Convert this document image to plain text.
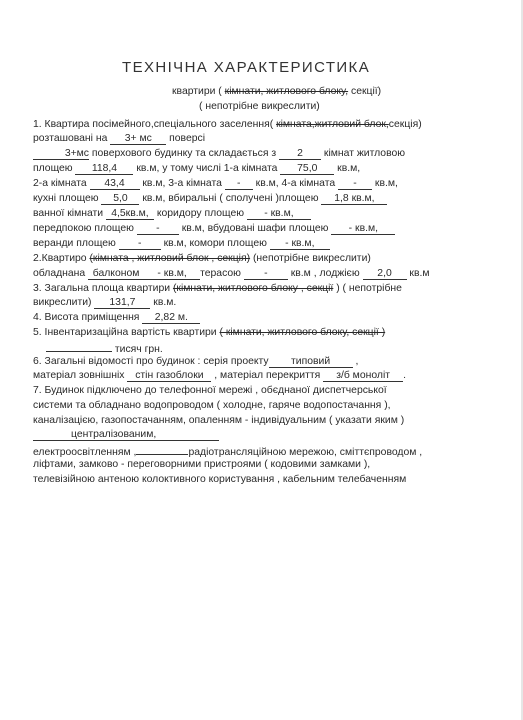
ТЕХНІЧНА ХАРАКТЕРИСТИКА
квартири ( кімнати, житлового блоку, секції)
( непотрібне викреслити)
1. Квартира посімейного,спеціального заселення( кімната,житловий блок,секція)
розташовані на 3+ мс поверсі
3+мс поверхового будинку та складається з 2 кімнат житловою
площею 118,4 кв.м, у тому числі 1-а кімната 75,0 кв.м,
2-а кімната 43,4 кв.м, 3-а кімната - кв.м, 4-а кімната - кв.м,
кухні площею 5,0 кв.м, вбиральні ( сполучені )площею 1,8 кв.м,
ванної кімнати 4,5кв.м, коридору площею - кв.м,
передпокою площею - кв.м, вбудовані шафи площею - кв.м,
веранди площею - кв.м, комори площею - кв.м,
2.Квартиро (кімната , житловий блок , секція) (непотрібне викреслити)
обладнана балконом - кв.м, терасою - кв.м , лоджією 2,0 кв.м
3. Загальна площа квартири (кімнати, житлового блоку , секції ) ( непотрібне
викреслити) 131,7 кв.м.
4. Висота приміщення 2,82 м.
5. Інвентаризаційна вартість квартири ( кімнати, житлового блоку, секції )
тисяч грн.
6. Загальні відомості про будинок : серія проекту типовий ,
матеріал зовнішніх стін газоблоки , матеріал перекриття з/б моноліт .
7. Будинок підключено до телефонної мережі , обєднаної диспетчерської
системи та обладнано водопроводом ( холодне, гаряче водопостачання ),
каналізацією, газопостачанням, опаленням - індивідуальним ( указати яким )
централізованим,
електроосвітленням ,	радіотрансляційною мережою, сміттєпроводом ,
ліфтами, замково - переговорними пристроями ( кодовими замками ),
телевізійною антеною колоктивного користування , кабельним телебаченням
